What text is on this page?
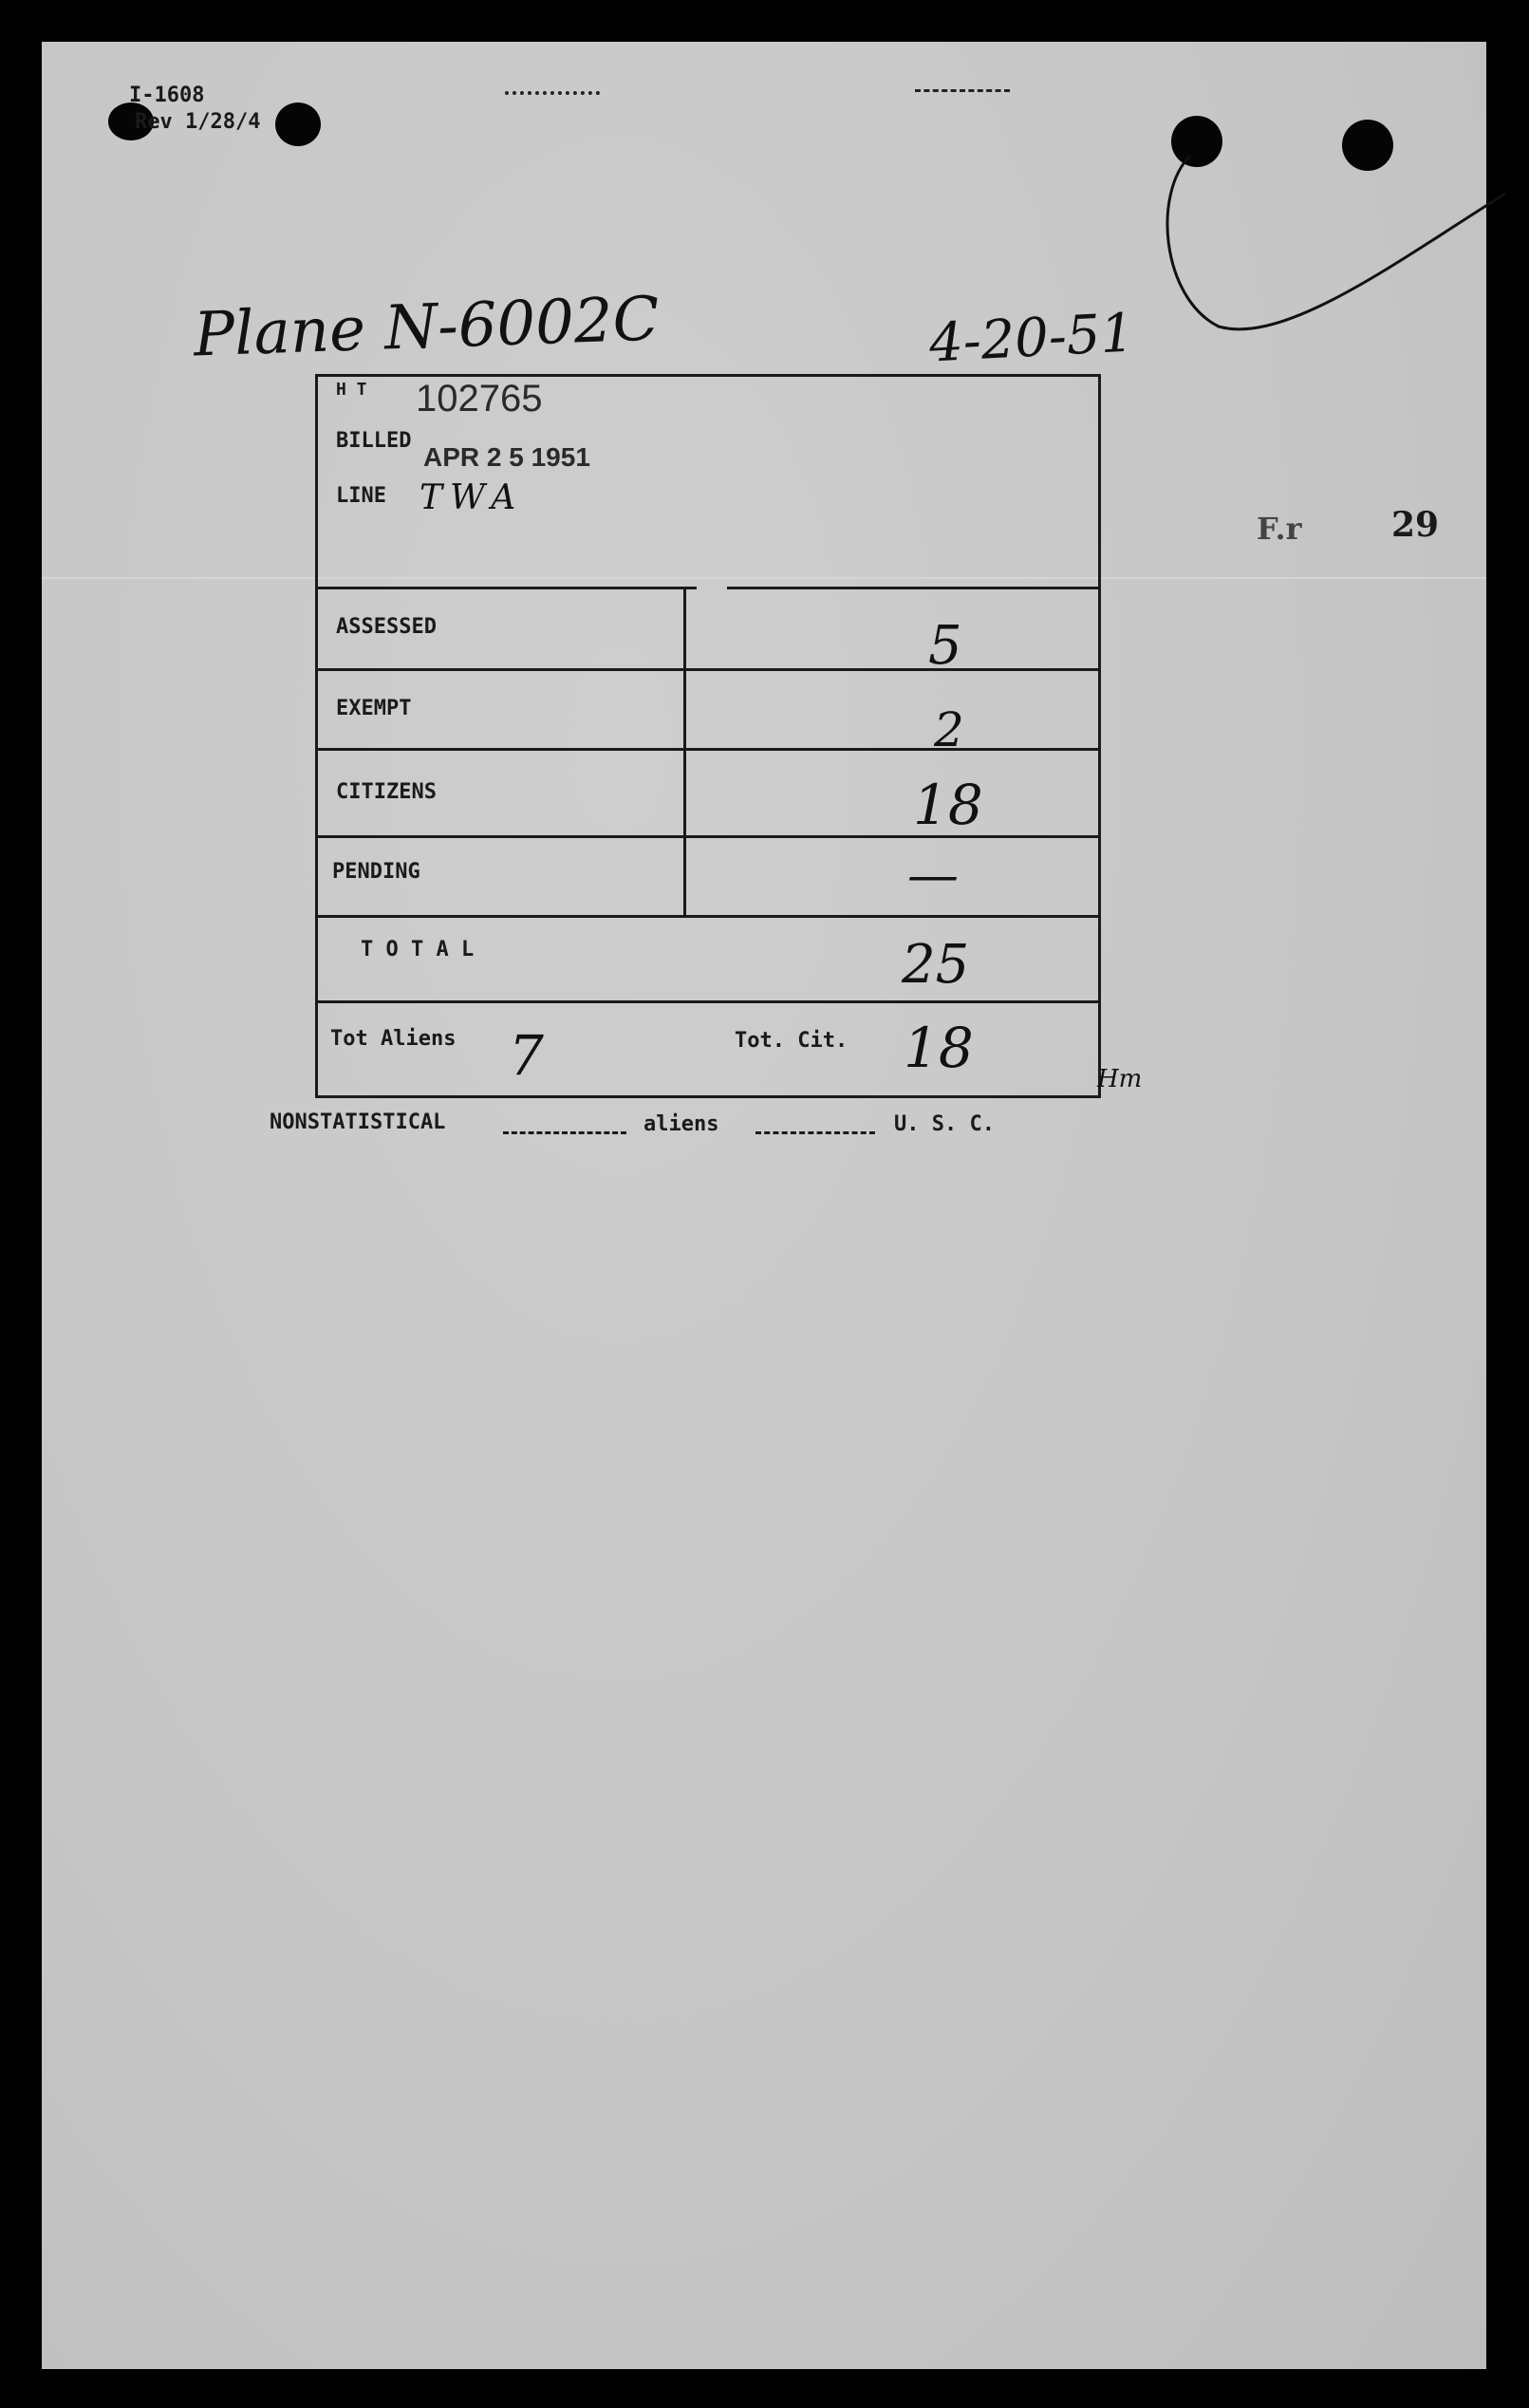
I-1608
Rev 1/28/4
Plane N-6002C	4-20-51
F.r	29
H T 102765
BILLED
APR 2 5 1951
LINE TWA
ASSESSED	5
EXEMPT	2
CITIZENS	18
PENDING	—
T O T A L	25
Tot Aliens 7	Tot. Cit. 18	Hm
NONSTATISTICAL	aliens	U. S. C.
